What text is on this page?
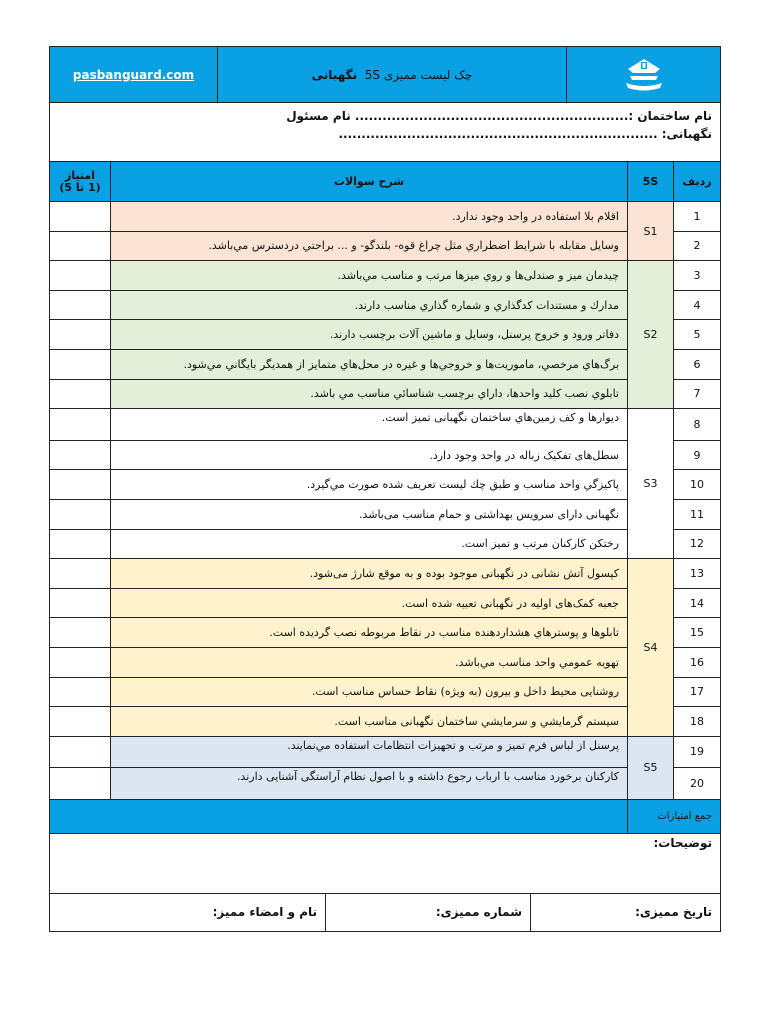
pasbanguard.com چک لیست ممیزی

5S

نگهبانی			

نام ساختمان :............................................................ نام مسئول
نگهبانی: ......................................................................			

امتیاز (1 تا 5)	شرح سوالات	5S	ردیف
	اقلام بلا استفاده در واحد وجود ندارد.	S1	1
	وسایل مقابله با شرایط اضطراري مثل چراغ قوه- بلندگو- و ... براحتي دردسترس مي‌باشد.		2
	چيدمان ميز و صندلی‌ها و روي ميزها مرتب و مناسب مي‌باشد.	S2	3
	مدارك و مستندات كدگذاري و شماره گذاري مناسب دارند.		4
	دفاتر ورود و خروج پرسنل، وسايل و ماشين آلات برچسب دارند.		5
	برگ‌هاي مرخصي، ماموريت‌ها و خروجي‌ها و غيره در محل‌هاي متمايز از همديگر بايگاني مي‌شود.		6
	تابلوي نصب كليد واحدها، داراي برچسب شناسائي مناسب مي باشد.		7
	ديوارها و كف زمين‌هاي ساختمان نگهبانی تميز است.	S3	8
	سطل‌های تفکیک زباله در واحد وجود دارد.		9
	پاكيزگي واحد مناسب و طبق چك ليست تعريف شده صورت مي‌گيرد.		10
	نگهبانی دارای سرویس بهداشتی و حمام مناسب می‌باشد.		11
	رختکن کارکنان مرتب و تمیز است.		12
	كپسول آتش نشانی در نگهبانی موجود بوده و به موقع شارژ می‌شود.	S4	13
	جعبه كمک‌های اوليه در نگهبانی تعبیه شده است.		14
	تابلوها و پوسترهاي هشداردهنده مناسب در نقاط مربوطه نصب گرديده است.		15
	تهويه عمومي واحد مناسب مي‌باشد.		16
	روشنایی محیط داخل و بیرون (به ويژه) نقاط حساس مناسب است.		17
	سيستم گرمايشي و سرمايشي ساختمان نگهبانی مناسب است.		18
	پرسنل از لباس فرم تميز و مرتب و تجهيزات انتظامات استفاده مي‌نمايند.	S5	19
	کارکنان برخورد مناسب با ارباب رجوع داشته و با اصول نظام آراستگی آشنایی دارند.		20
		جمع امتیازات	
توضیحات:			

تاریخ ممیزی:
شماره ممیزی:
نام و امضاء ممیز:			
